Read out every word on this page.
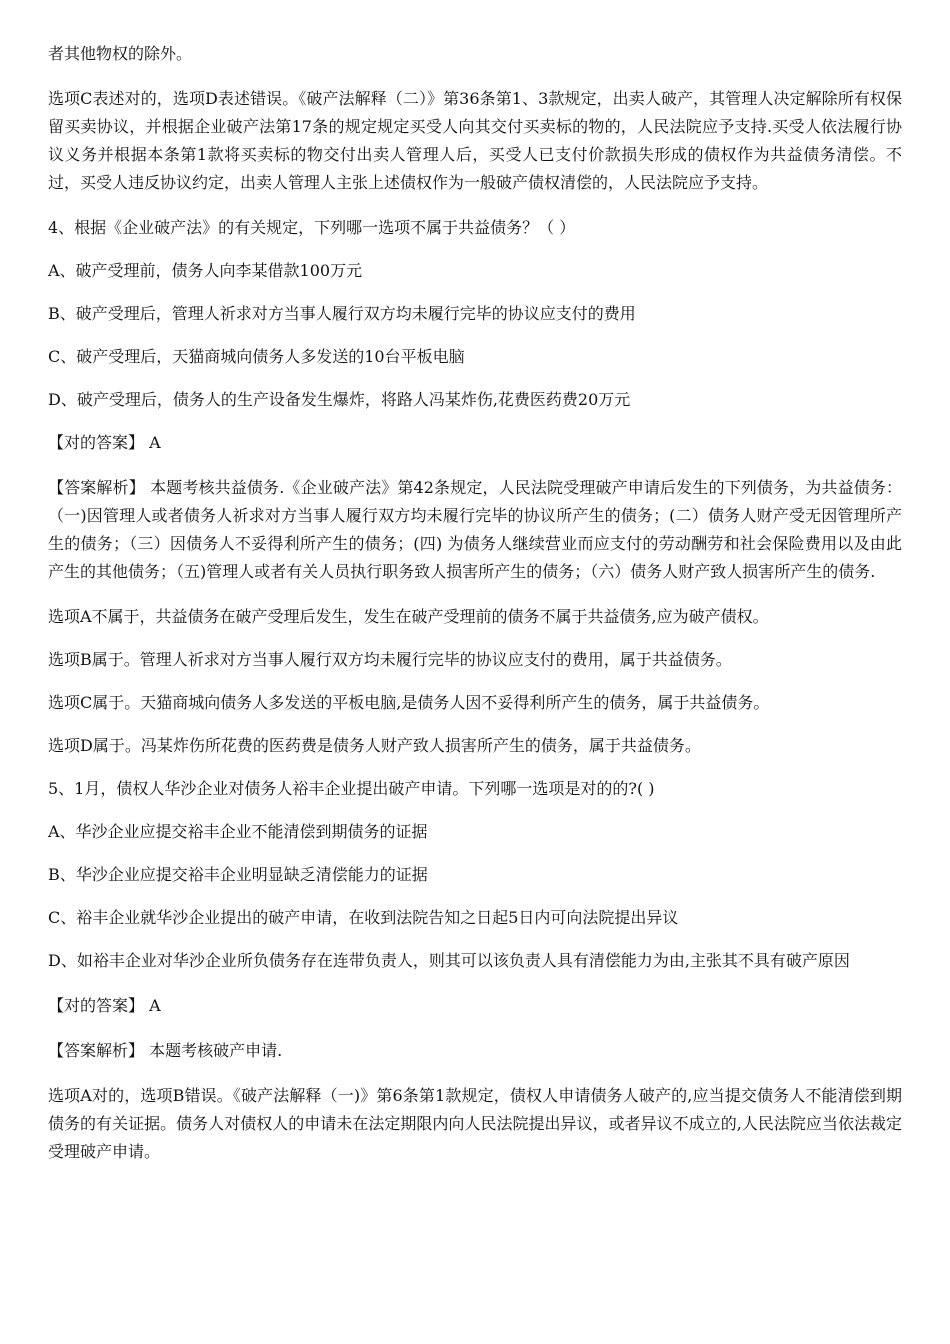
者其他物权的除外。

选项C表述对的，选项D表述错误。《破产法解释（二）》第36条第1、3款规定，出卖人破产，其管理人决定解除所有权保留买卖协议，并根据企业破产法第17条的规定规定买受人向其交付买卖标的物的，人民法院应予支持.买受人依法履行协议义务并根据本条第1款将买卖标的物交付出卖人管理人后，买受人已支付价款损失形成的债权作为共益债务清偿。不过，买受人违反协议约定，出卖人管理人主张上述债权作为一般破产债权清偿的，人民法院应予支持。

4、根据《企业破产法》的有关规定，下列哪一选项不属于共益债务？（ ）

A、破产受理前，债务人向李某借款100万元

B、破产受理后，管理人祈求对方当事人履行双方均未履行完毕的协议应支付的费用

C、破产受理后，天猫商城向债务人多发送的10台平板电脑

D、破产受理后，债务人的生产设备发生爆炸，将路人冯某炸伤,花费医药费20万元

【对的答案】 A

【答案解析】 本题考核共益债务.《企业破产法》第42条规定，人民法院受理破产申请后发生的下列债务，为共益债务：（一)因管理人或者债务人祈求对方当事人履行双方均未履行完毕的协议所产生的债务；(二）债务人财产受无因管理所产生的债务；（三）因债务人不妥得利所产生的债务；(四) 为债务人继续营业而应支付的劳动酬劳和社会保险费用以及由此产生的其他债务；（五)管理人或者有关人员执行职务致人损害所产生的债务；（六）债务人财产致人损害所产生的债务.

选项A不属于，共益债务在破产受理后发生，发生在破产受理前的债务不属于共益债务,应为破产债权。

选项B属于。管理人祈求对方当事人履行双方均未履行完毕的协议应支付的费用，属于共益债务。

选项C属于。天猫商城向债务人多发送的平板电脑,是债务人因不妥得利所产生的债务，属于共益债务。

选项D属于。冯某炸伤所花费的医药费是债务人财产致人损害所产生的债务，属于共益债务。

5、1月，债权人华沙企业对债务人裕丰企业提出破产申请。下列哪一选项是对的的?( )

A、华沙企业应提交裕丰企业不能清偿到期债务的证据

B、华沙企业应提交裕丰企业明显缺乏清偿能力的证据

C、裕丰企业就华沙企业提出的破产申请，在收到法院告知之日起5日内可向法院提出异议

D、如裕丰企业对华沙企业所负债务存在连带负责人，则其可以该负责人具有清偿能力为由,主张其不具有破产原因

【对的答案】 A

【答案解析】 本题考核破产申请.

选项A对的，选项B错误。《破产法解释（一)》第6条第1款规定，债权人申请债务人破产的,应当提交债务人不能清偿到期债务的有关证据。债务人对债权人的申请未在法定期限内向人民法院提出异议，或者异议不成立的,人民法院应当依法裁定受理破产申请。
